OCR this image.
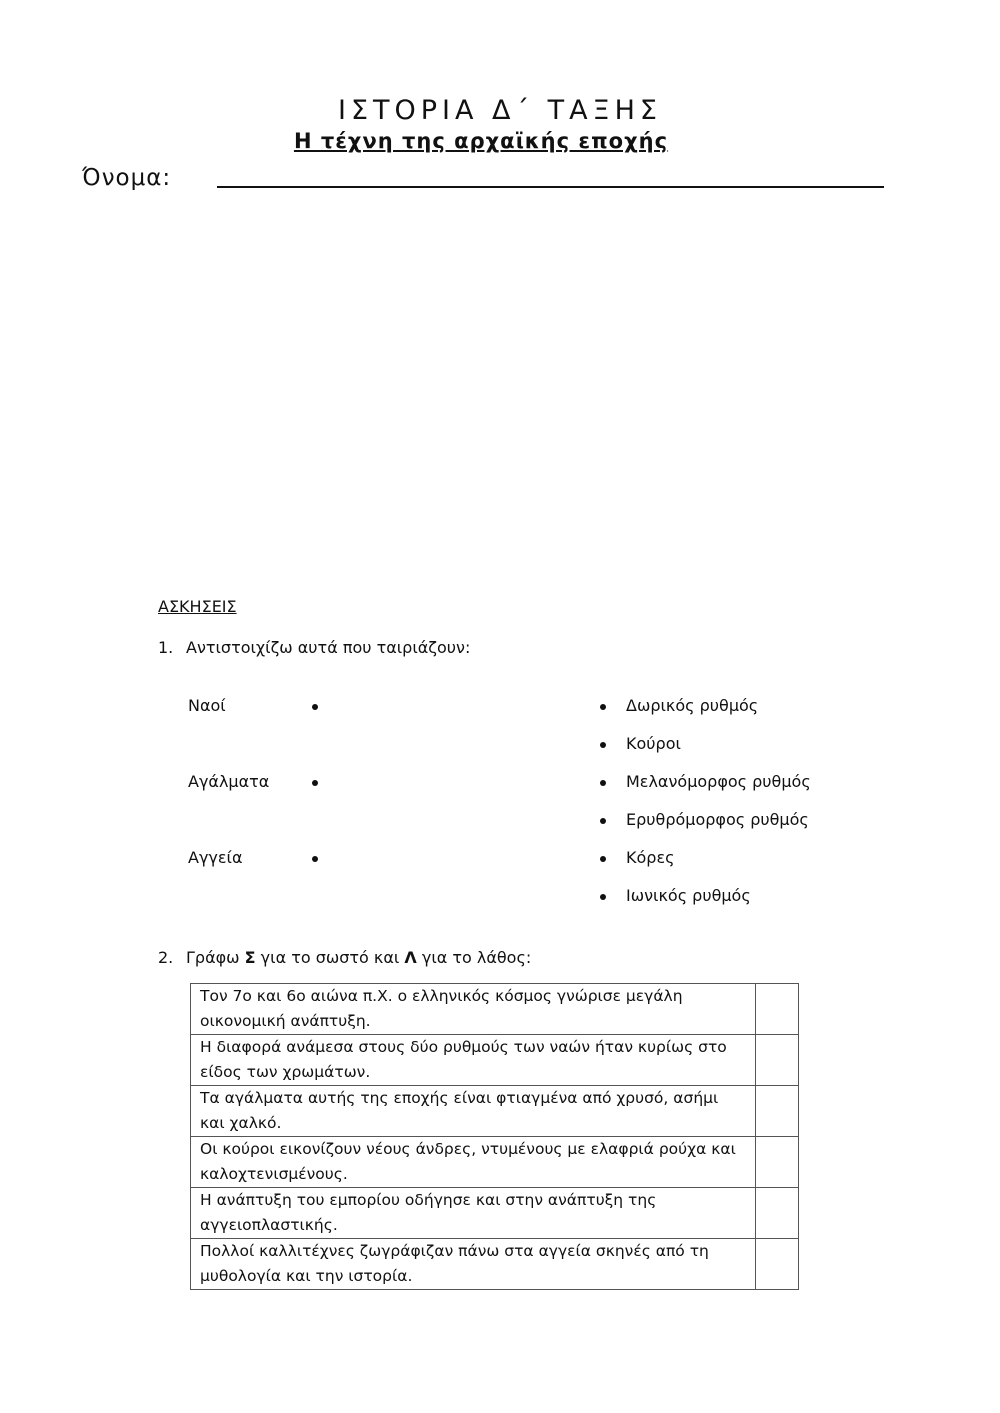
ΙΣΤΟΡΙΑ Δ΄ ΤΑΞΗΣ
Η τέχνη της αρχαϊκής εποχής
Όνομα:
ΑΣΚΗΣΕΙΣ
1. Αντιστοιχίζω αυτά που ταιριάζουν:
Ναοί
Αγάλματα
Αγγεία
Δωρικός ρυθμός
Κούροι
Μελανόμορφος ρυθμός
Ερυθρόμορφος ρυθμός
Κόρες
Ιωνικός ρυθμός
2. Γράφω Σ για το σωστό και Λ για το λάθος:
Τον 7ο και 6ο αιώνα π.Χ. ο ελληνικός κόσμος γνώρισε μεγάλη
οικονομική ανάπτυξη.	
Η διαφορά ανάμεσα στους δύο ρυθμούς των ναών ήταν κυρίως στο
είδος των χρωμάτων.	
Τα αγάλματα αυτής της εποχής είναι φτιαγμένα από χρυσό, ασήμι
και χαλκό.	
Οι κούροι εικονίζουν νέους άνδρες, ντυμένους με ελαφριά ρούχα και
καλοχτενισμένους.	
Η ανάπτυξη του εμπορίου οδήγησε και στην ανάπτυξη της
αγγειοπλαστικής.	
Πολλοί καλλιτέχνες ζωγράφιζαν πάνω στα αγγεία σκηνές από τη
μυθολογία και την ιστορία.	
